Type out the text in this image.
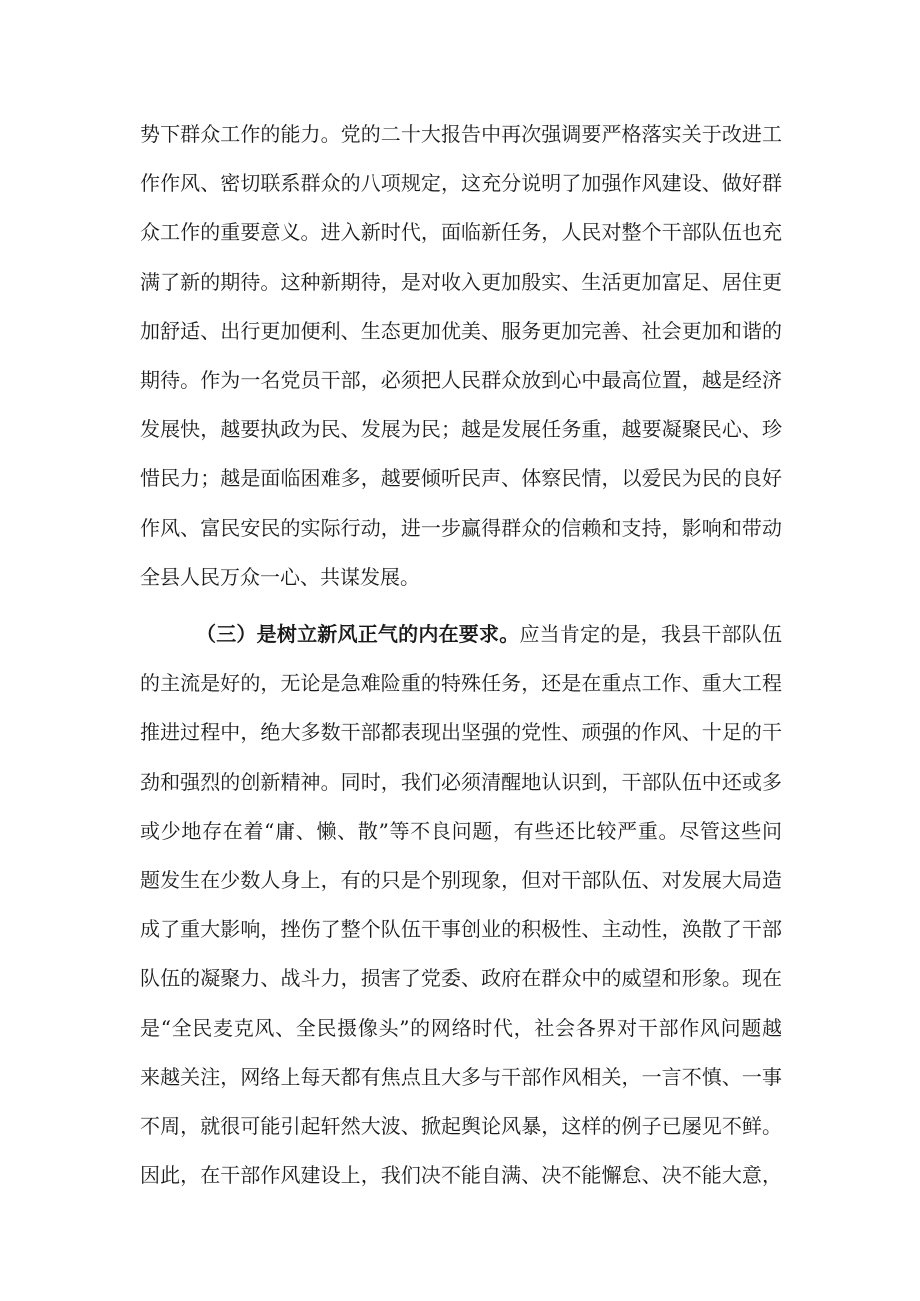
势下群众工作的能力。党的二十大报告中再次强调要严格落实关于改进工
作作风、密切联系群众的八项规定，这充分说明了加强作风建设、做好群
众工作的重要意义。进入新时代，面临新任务，人民对整个干部队伍也充
满了新的期待。这种新期待，是对收入更加殷实、生活更加富足、居住更
加舒适、出行更加便利、生态更加优美、服务更加完善、社会更加和谐的
期待。作为一名党员干部，必须把人民群众放到心中最高位置，越是经济
发展快，越要执政为民、发展为民；越是发展任务重，越要凝聚民心、珍
惜民力；越是面临困难多，越要倾听民声、体察民情，以爱民为民的良好
作风、富民安民的实际行动，进一步赢得群众的信赖和支持，影响和带动
全县人民万众一心、共谋发展。
（三）是树立新风正气的内在要求。应当肯定的是，我县干部队伍
的主流是好的，无论是急难险重的特殊任务，还是在重点工作、重大工程
推进过程中，绝大多数干部都表现出坚强的党性、顽强的作风、十足的干
劲和强烈的创新精神。同时，我们必须清醒地认识到，干部队伍中还或多
或少地存在着“庸、懒、散”等不良问题，有些还比较严重。尽管这些问
题发生在少数人身上，有的只是个别现象，但对干部队伍、对发展大局造
成了重大影响，挫伤了整个队伍干事创业的积极性、主动性，涣散了干部
队伍的凝聚力、战斗力，损害了党委、政府在群众中的威望和形象。现在
是“全民麦克风、全民摄像头”的网络时代，社会各界对干部作风问题越
来越关注，网络上每天都有焦点且大多与干部作风相关，一言不慎、一事
不周，就很可能引起轩然大波、掀起舆论风暴，这样的例子已屡见不鲜。
因此，在干部作风建设上，我们决不能自满、决不能懈怠、决不能大意，
